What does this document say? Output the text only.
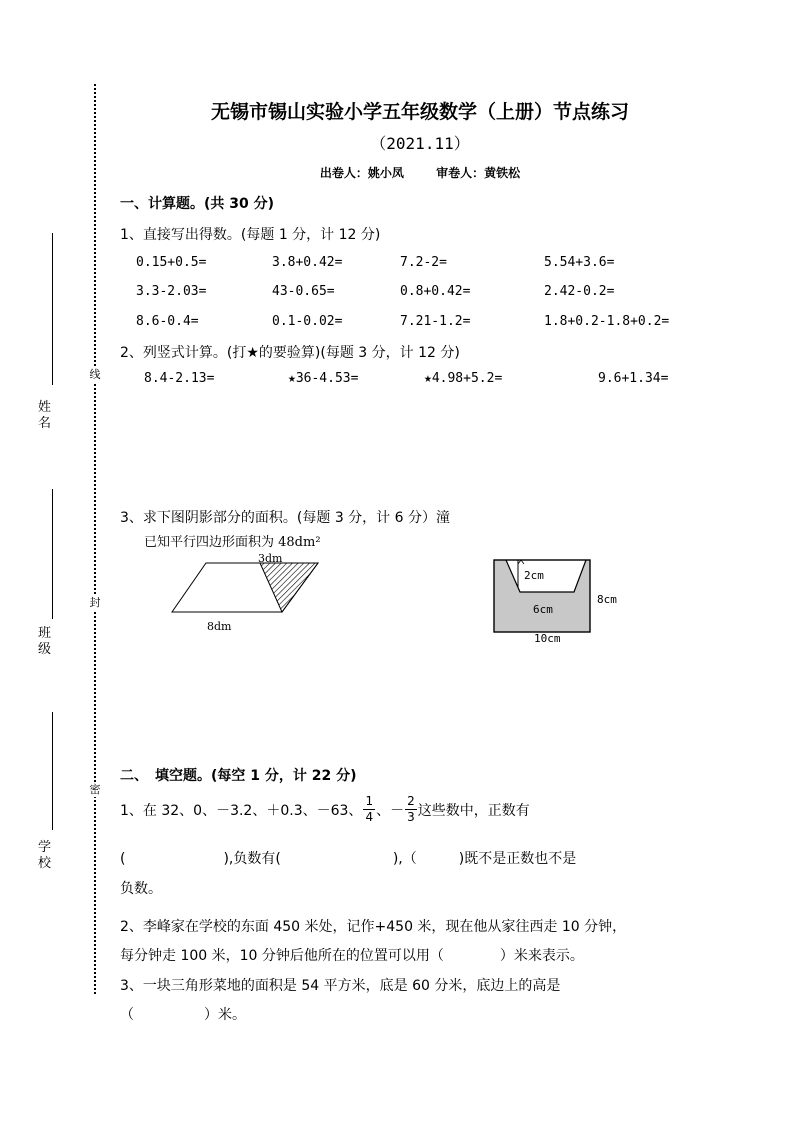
线
封
密
姓名
班级
学校
无锡市锡山实验小学五年级数学（上册）节点练习
（2021.11）
出卷人：姚小凤	审卷人：黄铁松
一、计算题。(共 30 分)
1、直接写出得数。(每题 1 分，计 12 分)
0.15+0.5=	3.8+0.42=	7.2-2=	5.54+3.6=
3.3-2.03=	43-0.65=	0.8+0.42=	2.42-0.2=
8.6-0.4=	0.1-0.02=	7.21-1.2=	1.8+0.2-1.8+0.2=
2、列竖式计算。(打★的要验算)(每题 3 分，计 12 分)
8.4-2.13=	★36-4.53=	★4.98+5.2=	9.6+1.34=
3、求下图阴影部分的面积。(每题 3 分，计 6 分）潼
已知平行四边形面积为 48dm²
3dm
8dm
2cm
6cm
8cm
10cm
二、　填空题。(每空 1 分，计 22 分)
1、在 32、0、－3.2、＋0.3、－63、 $\frac{1}{4}$ 、－ $\frac{2}{3}$ 这些数中，正数有
(　　　　　　　),负数有(　　　　　　　　),（　　　)既不是正数也不是
负数。
2、李峰家在学校的东面 450 米处，记作+450 米，现在他从家往西走 10 分钟，
每分钟走 100 米，10 分钟后他所在的位置可以用（　　　　）米来表示。
3、一块三角形菜地的面积是 54 平方米，底是 60 分米，底边上的高是
（　　　　　）米。
